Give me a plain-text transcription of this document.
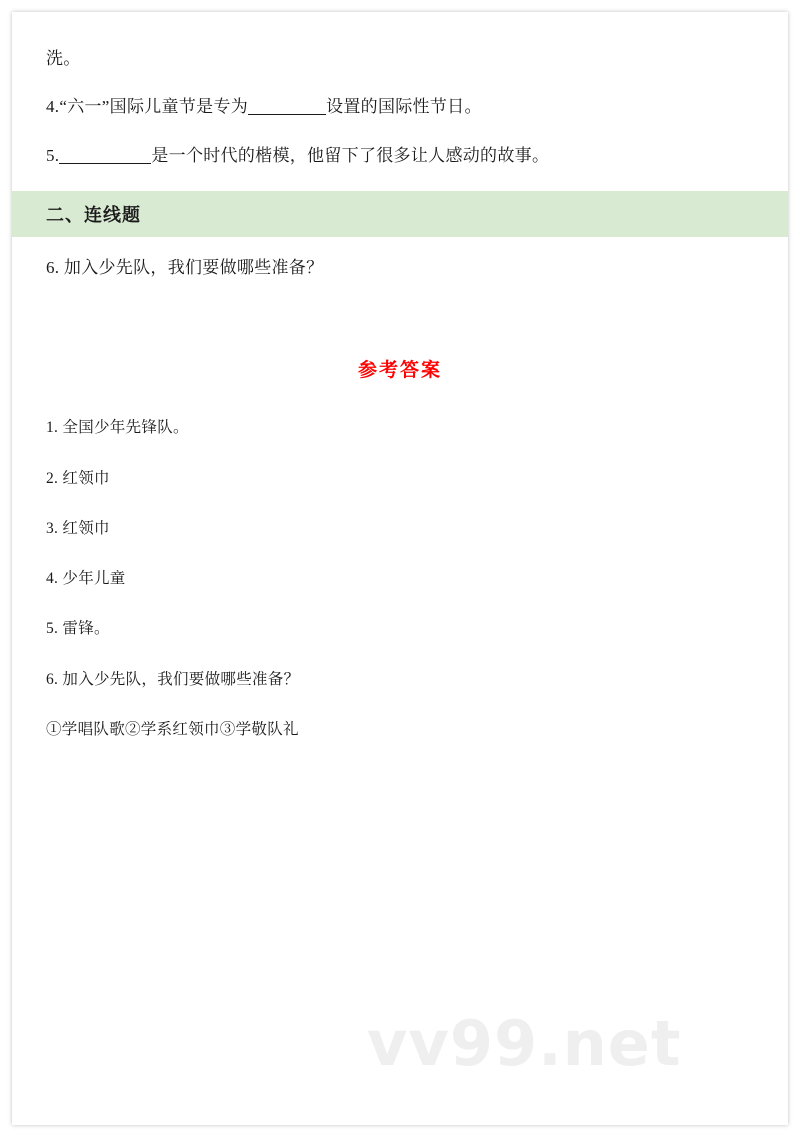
洗。

4.“六一”国际儿童节是专为	设置的国际性节日。

5.	是一个时代的楷模，他留下了很多让人感动的故事。

二、连线题

6. 加入少先队，我们要做哪些准备？

参考答案

1. 全国少年先锋队。

2. 红领巾

3. 红领巾

4. 少年儿童

5. 雷锋。

6. 加入少先队，我们要做哪些准备？

①学唱队歌②学系红领巾③学敬队礼

vv99.net
